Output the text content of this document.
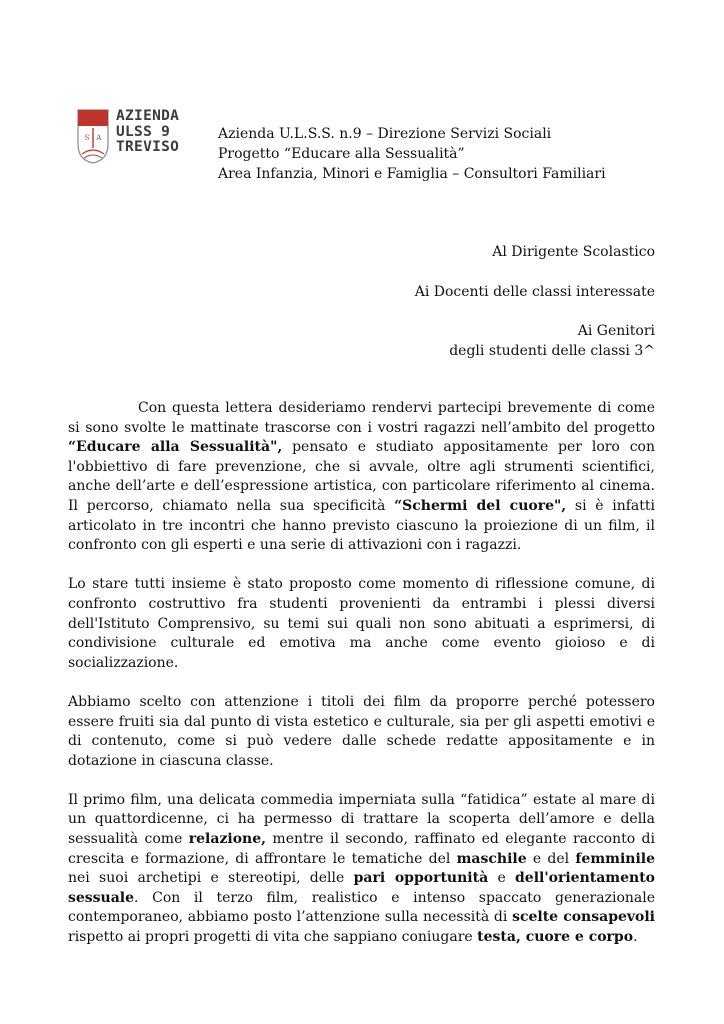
S | A
AZIENDA
ULSS 9
TREVISO
Azienda U.L.S.S. n.9 – Direzione Servizi Sociali
Progetto “Educare alla Sessualità”
Area Infanzia, Minori e Famiglia – Consultori Familiari
Al Dirigente Scolastico
Ai Docenti delle classi interessate
Ai Genitori
degli studenti delle classi 3^

Con questa lettera desideriamo rendervi partecipi brevemente di come si sono svolte le mattinate trascorse con i vostri ragazzi nell’ambito del progetto “Educare alla Sessualità", pensato e studiato appositamente per loro con l'obbiettivo di fare prevenzione, che si avvale, oltre agli strumenti scientifici, anche dell’arte e dell’espressione artistica, con particolare riferimento al cinema. Il percorso, chiamato nella sua specificità “Schermi del cuore", si è infatti articolato in tre incontri che hanno previsto ciascuno la proiezione di un film, il confronto con gli esperti e una serie di attivazioni con i ragazzi.

Lo stare tutti insieme è stato proposto come momento di riflessione comune, di confronto costruttivo fra studenti provenienti da entrambi i plessi diversi dell'Istituto Comprensivo, su temi sui quali non sono abituati a esprimersi, di condivisione culturale ed emotiva ma anche come evento gioioso e di socializzazione.

Abbiamo scelto con attenzione i titoli dei film da proporre perché potessero essere fruiti sia dal punto di vista estetico e culturale, sia per gli aspetti emotivi e di contenuto, come si può vedere dalle schede redatte appositamente e in dotazione in ciascuna classe.

Il primo film, una delicata commedia imperniata sulla “fatidica” estate al mare di un quattordicenne, ci ha permesso di trattare la scoperta dell’amore e della sessualità come relazione, mentre il secondo, raffinato ed elegante racconto di crescita e formazione, di affrontare le tematiche del maschile e del femminile nei suoi archetipi e stereotipi, delle pari opportunità e dell'orientamento sessuale. Con il terzo film, realistico e intenso spaccato generazionale contemporaneo, abbiamo posto l’attenzione sulla necessità di scelte consapevoli rispetto ai propri progetti di vita che sappiano coniugare testa, cuore e corpo.
